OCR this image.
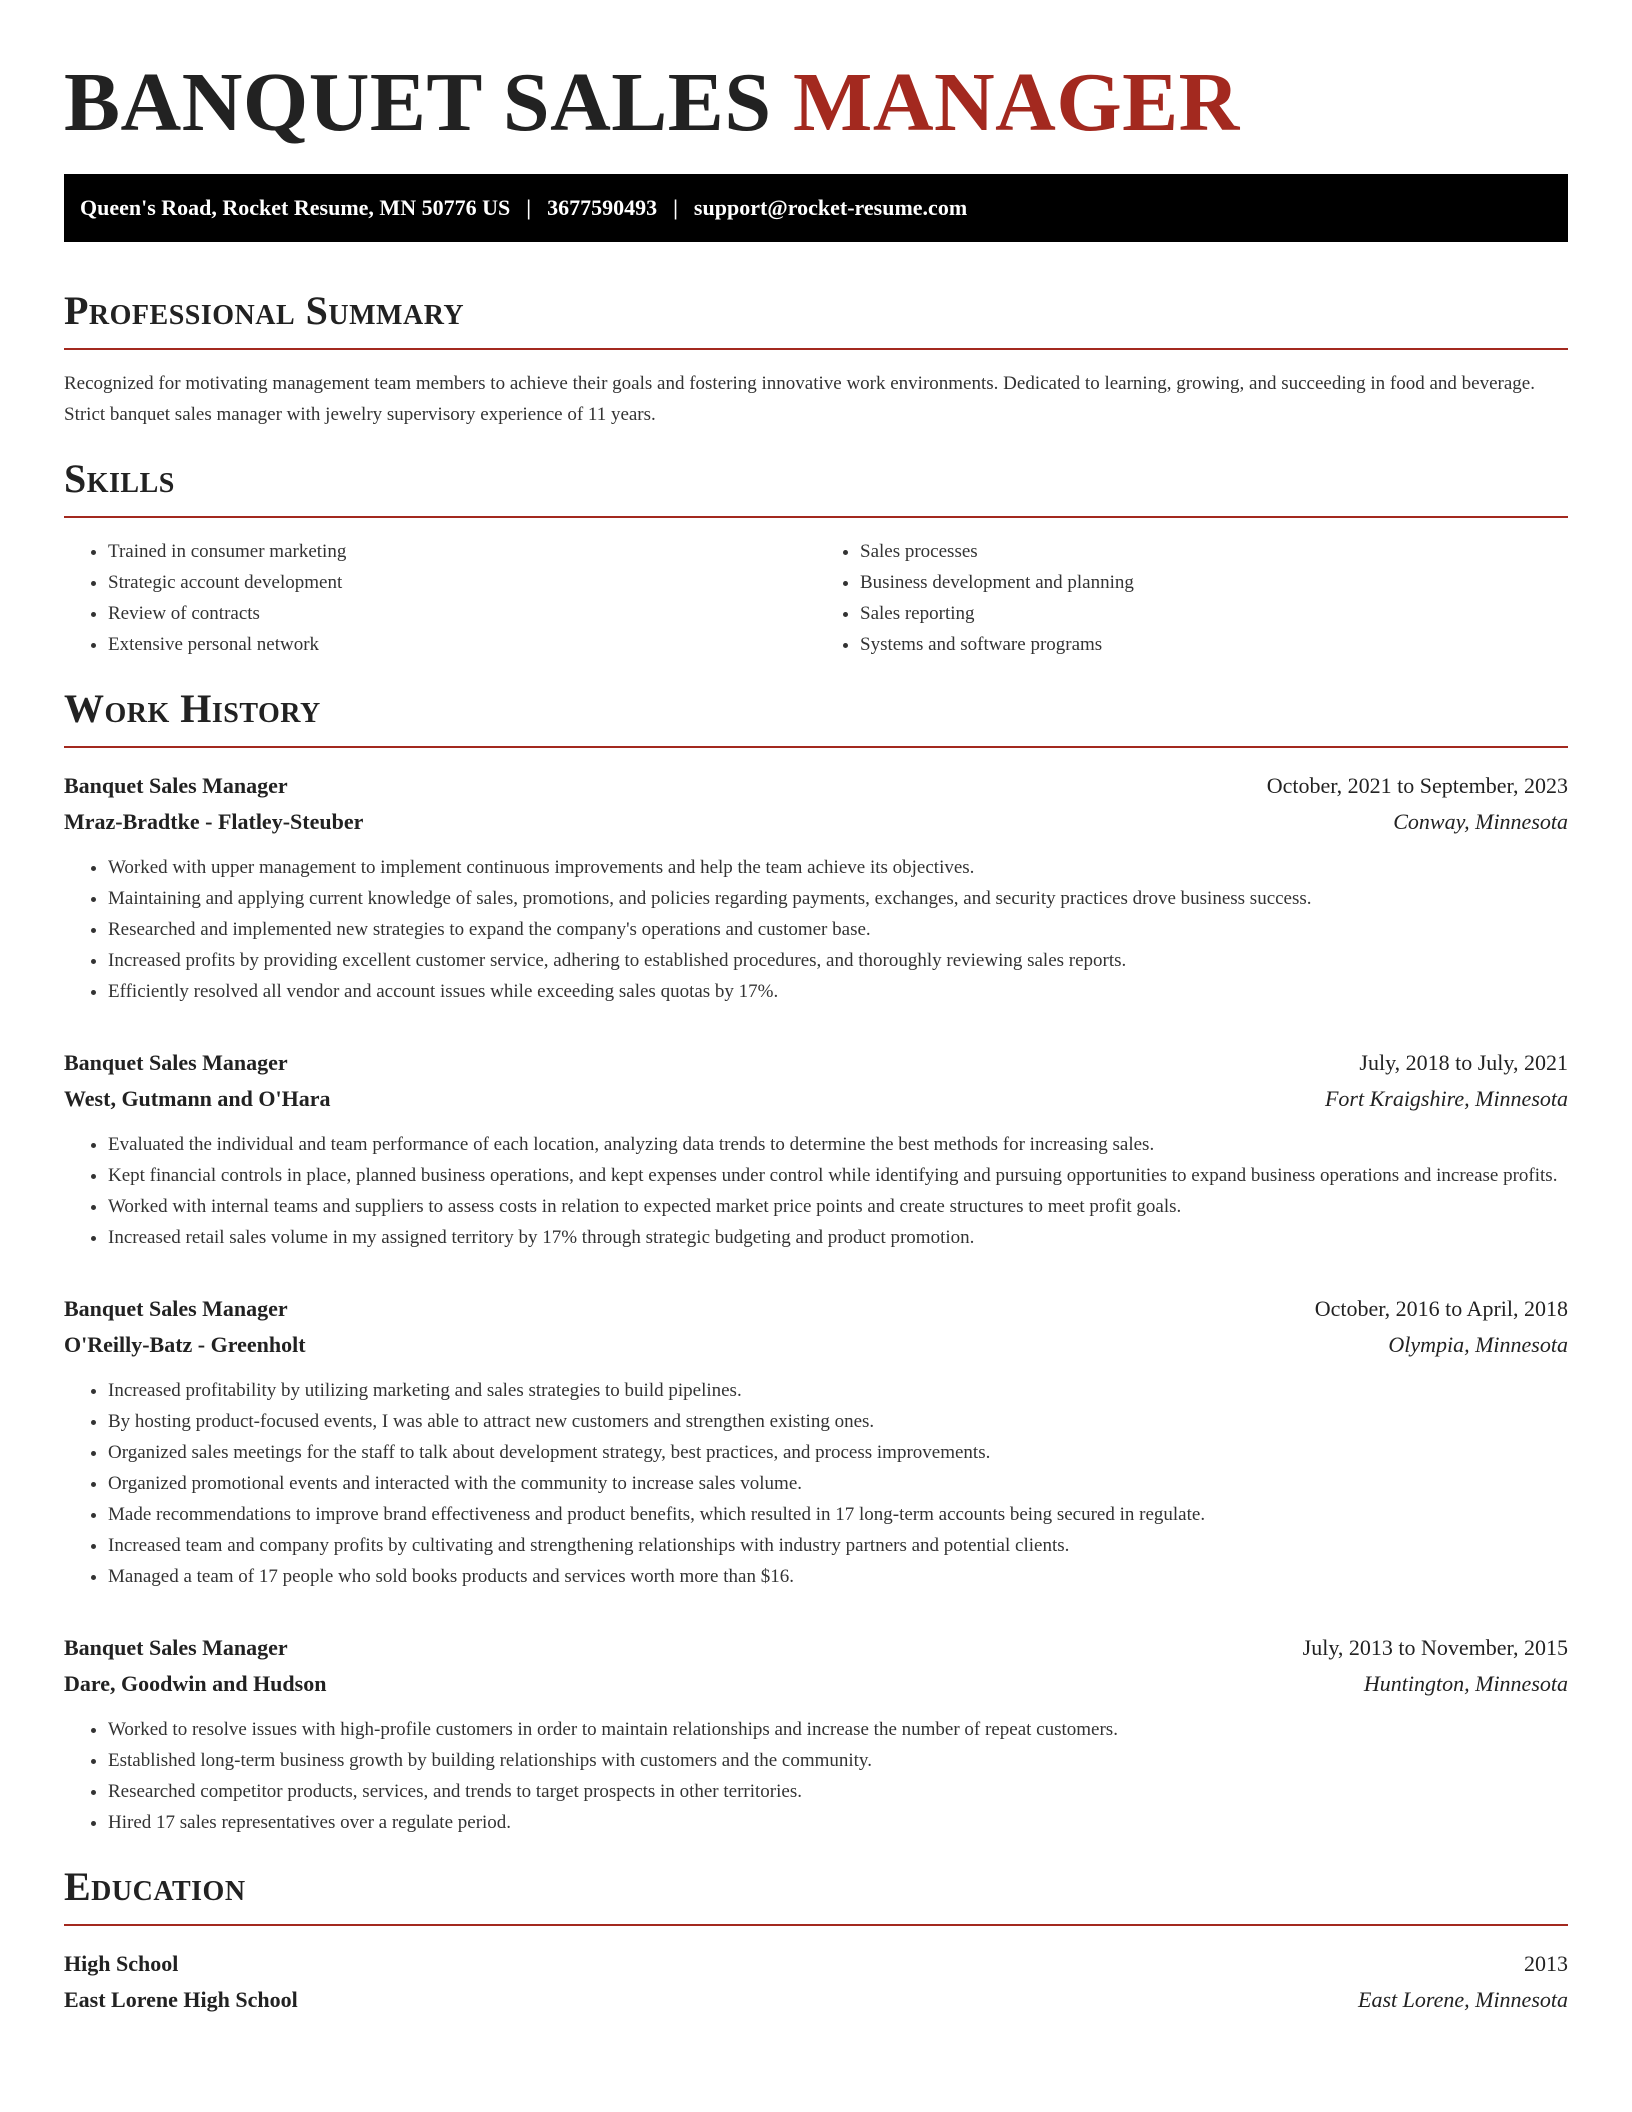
BANQUET SALES MANAGER
Queen's Road, Rocket Resume, MN 50776 US | 3677590493 | support@rocket-resume.com
Professional Summary

Recognized for motivating management team members to achieve their goals and fostering innovative work environments. Dedicated to learning, growing, and succeeding in food and beverage. Strict banquet sales manager with jewelry supervisory experience of 11 years.

Skills
• Trained in consumer marketing
• Strategic account development
• Review of contracts
• Extensive personal network
• Sales processes
• Business development and planning
• Sales reporting
• Systems and software programs
Work History
Banquet Sales Manager	October, 2021 to September, 2023
Mraz-Bradtke - Flatley-Steuber	Conway, Minnesota
• Worked with upper management to implement continuous improvements and help the team achieve its objectives.
• Maintaining and applying current knowledge of sales, promotions, and policies regarding payments, exchanges, and security practices drove business success.
• Researched and implemented new strategies to expand the company's operations and customer base.
• Increased profits by providing excellent customer service, adhering to established procedures, and thoroughly reviewing sales reports.
• Efficiently resolved all vendor and account issues while exceeding sales quotas by 17%.
Banquet Sales Manager	July, 2018 to July, 2021
West, Gutmann and O'Hara	Fort Kraigshire, Minnesota
• Evaluated the individual and team performance of each location, analyzing data trends to determine the best methods for increasing sales.
• Kept financial controls in place, planned business operations, and kept expenses under control while identifying and pursuing opportunities to expand business operations and increase profits.
• Worked with internal teams and suppliers to assess costs in relation to expected market price points and create structures to meet profit goals.
• Increased retail sales volume in my assigned territory by 17% through strategic budgeting and product promotion.
Banquet Sales Manager	October, 2016 to April, 2018
O'Reilly-Batz - Greenholt	Olympia, Minnesota
• Increased profitability by utilizing marketing and sales strategies to build pipelines.
• By hosting product-focused events, I was able to attract new customers and strengthen existing ones.
• Organized sales meetings for the staff to talk about development strategy, best practices, and process improvements.
• Organized promotional events and interacted with the community to increase sales volume.
• Made recommendations to improve brand effectiveness and product benefits, which resulted in 17 long-term accounts being secured in regulate.
• Increased team and company profits by cultivating and strengthening relationships with industry partners and potential clients.
• Managed a team of 17 people who sold books products and services worth more than $16.
Banquet Sales Manager	July, 2013 to November, 2015
Dare, Goodwin and Hudson	Huntington, Minnesota
• Worked to resolve issues with high-profile customers in order to maintain relationships and increase the number of repeat customers.
• Established long-term business growth by building relationships with customers and the community.
• Researched competitor products, services, and trends to target prospects in other territories.
• Hired 17 sales representatives over a regulate period.
Education
High School	2013
East Lorene High School	East Lorene, Minnesota
